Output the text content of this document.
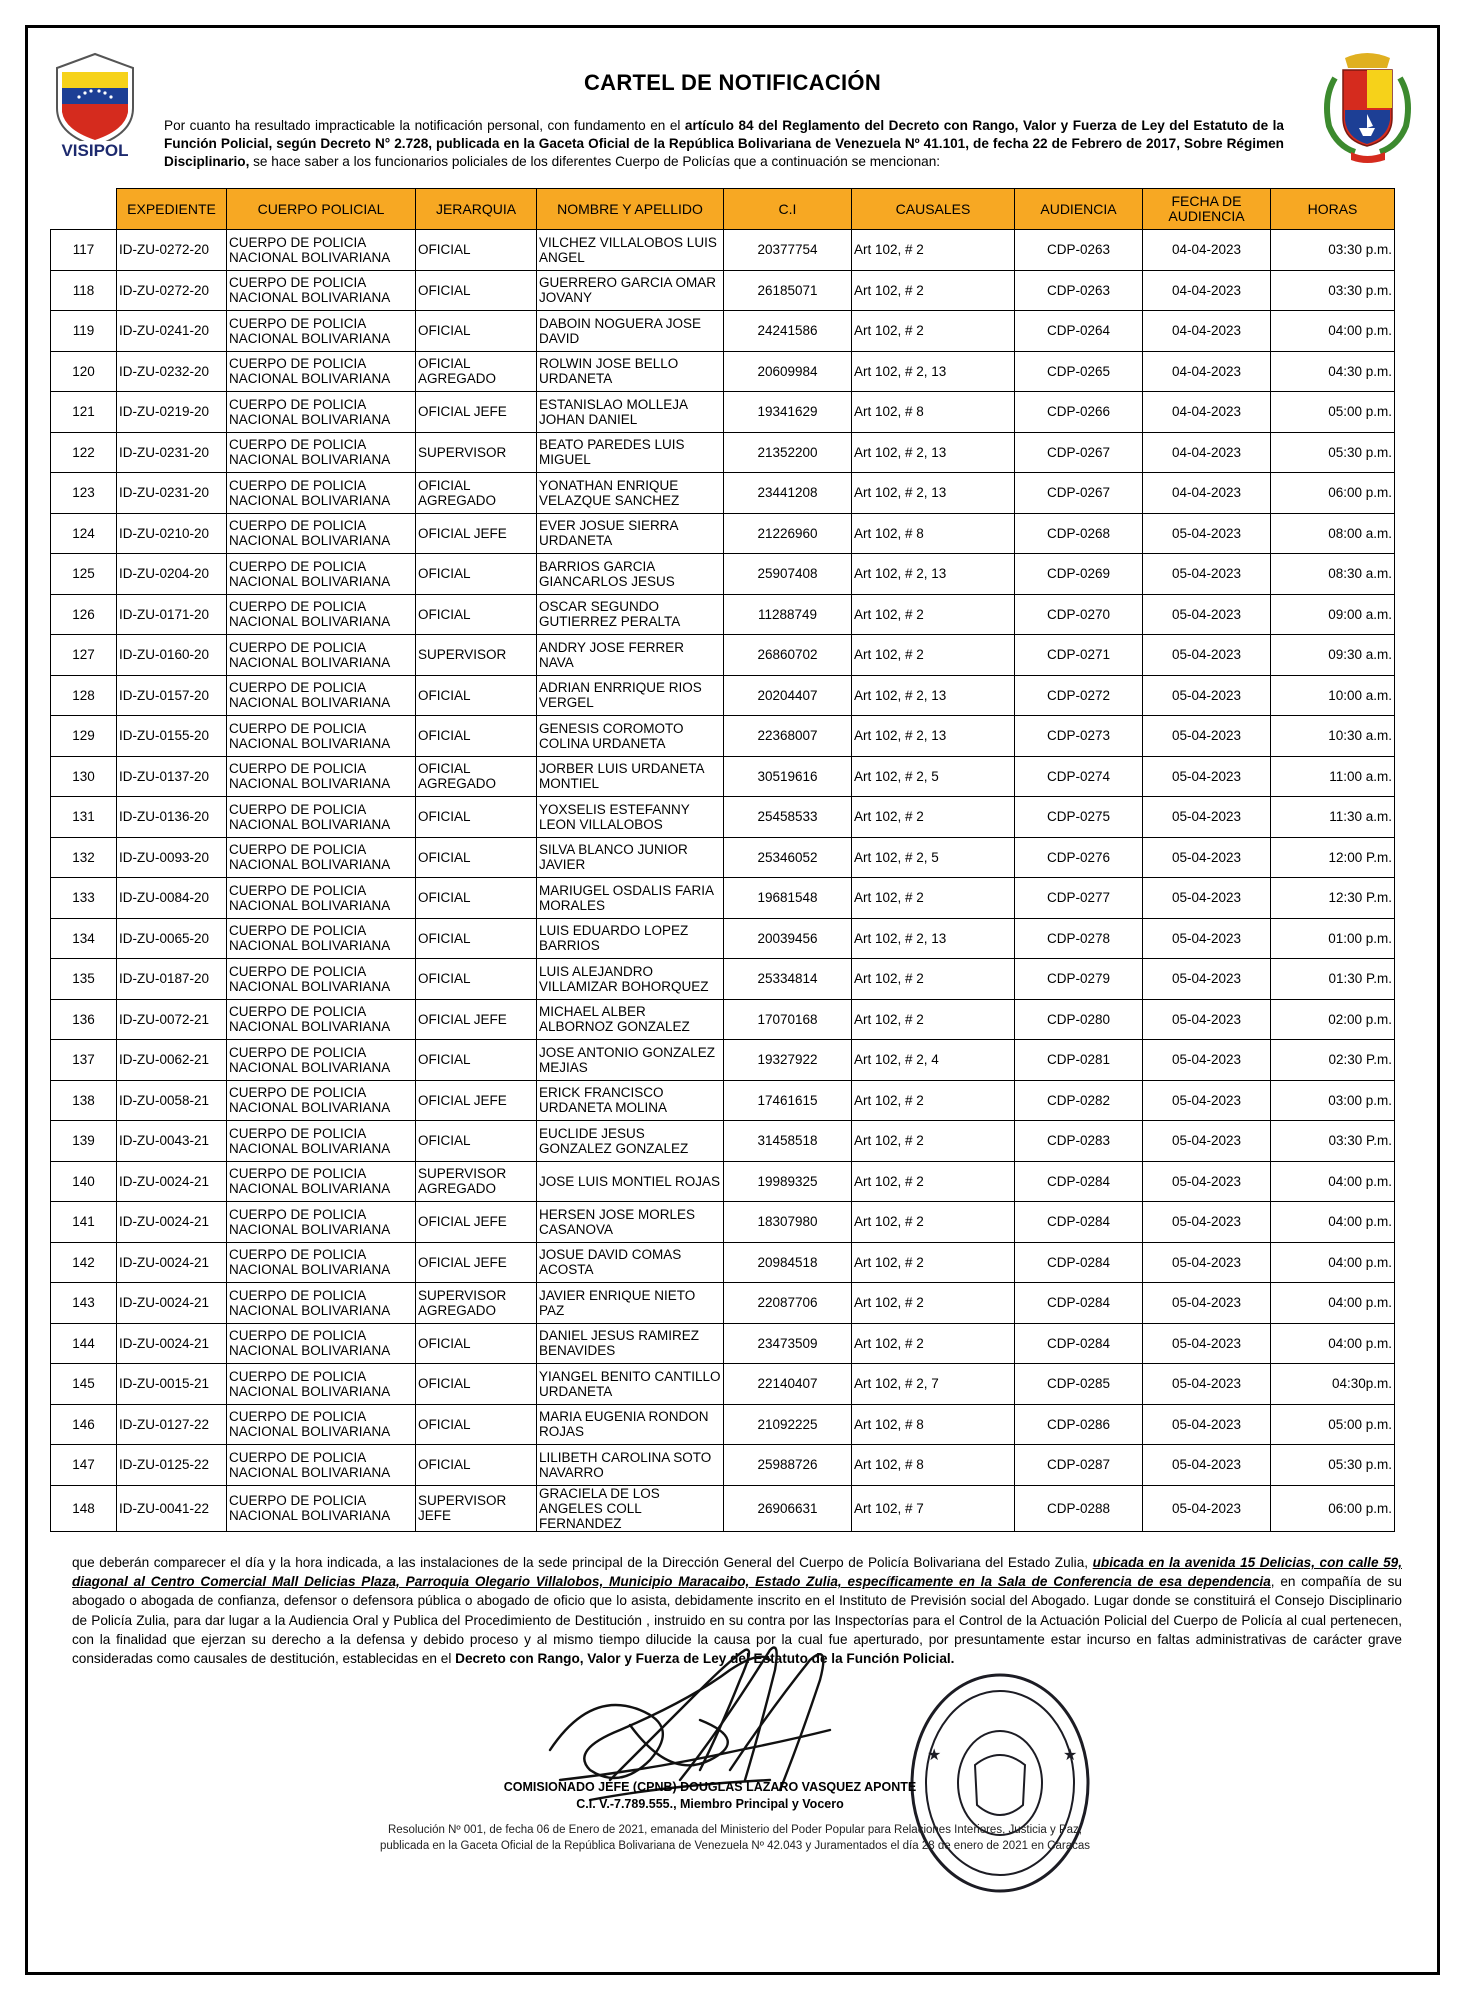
VISIPOL
CARTEL DE NOTIFICACIÓN
Por cuanto ha resultado impracticable la notificación personal, con fundamento en el artículo 84 del Reglamento del Decreto con Rango, Valor y Fuerza de Ley del Estatuto de la Función Policial, según Decreto N° 2.728, publicada en la Gaceta Oficial de la República Bolivariana de Venezuela Nº 41.101, de fecha 22 de Febrero de 2017, Sobre Régimen Disciplinario, se hace saber a los funcionarios policiales de los diferentes Cuerpo de Policías que a continuación se mencionan:
	EXPEDIENTE	CUERPO POLICIAL	JERARQUIA	NOMBRE Y APELLIDO	C.I	CAUSALES	AUDIENCIA	FECHA DE AUDIENCIA	HORAS
117	ID-ZU-0272-20	CUERPO DE POLICIA NACIONAL BOLIVARIANA	OFICIAL	VILCHEZ VILLALOBOS LUIS ANGEL	20377754	Art 102, # 2	CDP-0263	04-04-2023	03:30 p.m.
118	ID-ZU-0272-20	CUERPO DE POLICIA NACIONAL BOLIVARIANA	OFICIAL	GUERRERO GARCIA OMAR JOVANY	26185071	Art 102, # 2	CDP-0263	04-04-2023	03:30 p.m.
119	ID-ZU-0241-20	CUERPO DE POLICIA NACIONAL BOLIVARIANA	OFICIAL	DABOIN NOGUERA JOSE DAVID	24241586	Art 102, # 2	CDP-0264	04-04-2023	04:00 p.m.
120	ID-ZU-0232-20	CUERPO DE POLICIA NACIONAL BOLIVARIANA	OFICIAL AGREGADO	ROLWIN JOSE BELLO URDANETA	20609984	Art 102, # 2, 13	CDP-0265	04-04-2023	04:30 p.m.
121	ID-ZU-0219-20	CUERPO DE POLICIA NACIONAL BOLIVARIANA	OFICIAL JEFE	ESTANISLAO MOLLEJA JOHAN DANIEL	19341629	Art 102, # 8	CDP-0266	04-04-2023	05:00 p.m.
122	ID-ZU-0231-20	CUERPO DE POLICIA NACIONAL BOLIVARIANA	SUPERVISOR	BEATO PAREDES LUIS MIGUEL	21352200	Art 102, # 2, 13	CDP-0267	04-04-2023	05:30 p.m.
123	ID-ZU-0231-20	CUERPO DE POLICIA NACIONAL BOLIVARIANA	OFICIAL AGREGADO	YONATHAN ENRIQUE VELAZQUE SANCHEZ	23441208	Art 102, # 2, 13	CDP-0267	04-04-2023	06:00 p.m.
124	ID-ZU-0210-20	CUERPO DE POLICIA NACIONAL BOLIVARIANA	OFICIAL JEFE	EVER JOSUE SIERRA URDANETA	21226960	Art 102, # 8	CDP-0268	05-04-2023	08:00 a.m.
125	ID-ZU-0204-20	CUERPO DE POLICIA NACIONAL BOLIVARIANA	OFICIAL	BARRIOS GARCIA GIANCARLOS JESUS	25907408	Art 102, # 2, 13	CDP-0269	05-04-2023	08:30 a.m.
126	ID-ZU-0171-20	CUERPO DE POLICIA NACIONAL BOLIVARIANA	OFICIAL	OSCAR SEGUNDO GUTIERREZ PERALTA	11288749	Art 102, # 2	CDP-0270	05-04-2023	09:00 a.m.
127	ID-ZU-0160-20	CUERPO DE POLICIA NACIONAL BOLIVARIANA	SUPERVISOR	ANDRY JOSE FERRER NAVA	26860702	Art 102, # 2	CDP-0271	05-04-2023	09:30 a.m.
128	ID-ZU-0157-20	CUERPO DE POLICIA NACIONAL BOLIVARIANA	OFICIAL	ADRIAN ENRRIQUE RIOS VERGEL	20204407	Art 102, # 2, 13	CDP-0272	05-04-2023	10:00 a.m.
129	ID-ZU-0155-20	CUERPO DE POLICIA NACIONAL BOLIVARIANA	OFICIAL	GENESIS COROMOTO COLINA URDANETA	22368007	Art 102, # 2, 13	CDP-0273	05-04-2023	10:30 a.m.
130	ID-ZU-0137-20	CUERPO DE POLICIA NACIONAL BOLIVARIANA	OFICIAL AGREGADO	JORBER LUIS URDANETA MONTIEL	30519616	Art 102, # 2, 5	CDP-0274	05-04-2023	11:00 a.m.
131	ID-ZU-0136-20	CUERPO DE POLICIA NACIONAL BOLIVARIANA	OFICIAL	YOXSELIS ESTEFANNY LEON VILLALOBOS	25458533	Art 102, # 2	CDP-0275	05-04-2023	11:30 a.m.
132	ID-ZU-0093-20	CUERPO DE POLICIA NACIONAL BOLIVARIANA	OFICIAL	SILVA BLANCO JUNIOR JAVIER	25346052	Art 102, # 2, 5	CDP-0276	05-04-2023	12:00 P.m.
133	ID-ZU-0084-20	CUERPO DE POLICIA NACIONAL BOLIVARIANA	OFICIAL	MARIUGEL OSDALIS FARIA MORALES	19681548	Art 102, # 2	CDP-0277	05-04-2023	12:30 P.m.
134	ID-ZU-0065-20	CUERPO DE POLICIA NACIONAL BOLIVARIANA	OFICIAL	LUIS EDUARDO LOPEZ BARRIOS	20039456	Art 102, # 2, 13	CDP-0278	05-04-2023	01:00 p.m.
135	ID-ZU-0187-20	CUERPO DE POLICIA NACIONAL BOLIVARIANA	OFICIAL	LUIS ALEJANDRO VILLAMIZAR BOHORQUEZ	25334814	Art 102, # 2	CDP-0279	05-04-2023	01:30 P.m.
136	ID-ZU-0072-21	CUERPO DE POLICIA NACIONAL BOLIVARIANA	OFICIAL JEFE	MICHAEL ALBER ALBORNOZ GONZALEZ	17070168	Art 102, # 2	CDP-0280	05-04-2023	02:00 p.m.
137	ID-ZU-0062-21	CUERPO DE POLICIA NACIONAL BOLIVARIANA	OFICIAL	JOSE ANTONIO GONZALEZ MEJIAS	19327922	Art 102, # 2, 4	CDP-0281	05-04-2023	02:30 P.m.
138	ID-ZU-0058-21	CUERPO DE POLICIA NACIONAL BOLIVARIANA	OFICIAL JEFE	ERICK FRANCISCO URDANETA MOLINA	17461615	Art 102, # 2	CDP-0282	05-04-2023	03:00 p.m.
139	ID-ZU-0043-21	CUERPO DE POLICIA NACIONAL BOLIVARIANA	OFICIAL	EUCLIDE JESUS GONZALEZ GONZALEZ	31458518	Art 102, # 2	CDP-0283	05-04-2023	03:30 P.m.
140	ID-ZU-0024-21	CUERPO DE POLICIA NACIONAL BOLIVARIANA	SUPERVISOR AGREGADO	JOSE LUIS MONTIEL ROJAS	19989325	Art 102, # 2	CDP-0284	05-04-2023	04:00 p.m.
141	ID-ZU-0024-21	CUERPO DE POLICIA NACIONAL BOLIVARIANA	OFICIAL JEFE	HERSEN JOSE MORLES CASANOVA	18307980	Art 102, # 2	CDP-0284	05-04-2023	04:00 p.m.
142	ID-ZU-0024-21	CUERPO DE POLICIA NACIONAL BOLIVARIANA	OFICIAL JEFE	JOSUE DAVID COMAS ACOSTA	20984518	Art 102, # 2	CDP-0284	05-04-2023	04:00 p.m.
143	ID-ZU-0024-21	CUERPO DE POLICIA NACIONAL BOLIVARIANA	SUPERVISOR AGREGADO	JAVIER ENRIQUE NIETO PAZ	22087706	Art 102, # 2	CDP-0284	05-04-2023	04:00 p.m.
144	ID-ZU-0024-21	CUERPO DE POLICIA NACIONAL BOLIVARIANA	OFICIAL	DANIEL JESUS RAMIREZ BENAVIDES	23473509	Art 102, # 2	CDP-0284	05-04-2023	04:00 p.m.
145	ID-ZU-0015-21	CUERPO DE POLICIA NACIONAL BOLIVARIANA	OFICIAL	YIANGEL BENITO CANTILLO URDANETA	22140407	Art 102, # 2, 7	CDP-0285	05-04-2023	04:30p.m.
146	ID-ZU-0127-22	CUERPO DE POLICIA NACIONAL BOLIVARIANA	OFICIAL	MARIA EUGENIA RONDON ROJAS	21092225	Art 102, # 8	CDP-0286	05-04-2023	05:00 p.m.
147	ID-ZU-0125-22	CUERPO DE POLICIA NACIONAL BOLIVARIANA	OFICIAL	LILIBETH CAROLINA SOTO NAVARRO	25988726	Art 102, # 8	CDP-0287	05-04-2023	05:30 p.m.
148	ID-ZU-0041-22	CUERPO DE POLICIA NACIONAL BOLIVARIANA	SUPERVISOR JEFE	GRACIELA DE LOS ANGELES COLL FERNANDEZ	26906631	Art 102, # 7	CDP-0288	05-04-2023	06:00 p.m.
que deberán comparecer el día y la hora indicada, a las instalaciones de la sede principal de la Dirección General del Cuerpo de Policía Bolivariana del Estado Zulia, ubicada en la avenida 15 Delicias, con calle 59, diagonal al Centro Comercial Mall Delicias Plaza, Parroquia Olegario Villalobos, Municipio Maracaibo, Estado Zulia, específicamente en la Sala de Conferencia de esa dependencia, en compañía de su abogado o abogada de confianza, defensor o defensora pública o abogado de oficio que lo asista, debidamente inscrito en el Instituto de Previsión social del Abogado. Lugar donde se constituirá el Consejo Disciplinario de Policía Zulia, para dar lugar a la Audiencia Oral y Publica del Procedimiento de Destitución , instruido en su contra por las Inspectorías para el Control de la Actuación Policial del Cuerpo de Policía al cual pertenecen, con la finalidad que ejerzan su derecho a la defensa y debido proceso y al mismo tiempo dilucide la causa por la cual fue aperturado, por presuntamente estar incurso en faltas administrativas de carácter grave consideradas como causales de destitución, establecidas en el Decreto con Rango, Valor y Fuerza de Ley del Estatuto de la Función Policial.
★	★
COMISIONADO JEFE (CPNB) DOUGLAS LAZARO VASQUEZ APONTE
C.I. V.-7.789.555., Miembro Principal y Vocero
Resolución Nº 001, de fecha 06 de Enero de 2021, emanada del Ministerio del Poder Popular para Relaciones Interiores, Justicia y Paz,
publicada en la Gaceta Oficial de la República Bolivariana de Venezuela Nº 42.043 y Juramentados el día 28 de enero de 2021 en Caracas
